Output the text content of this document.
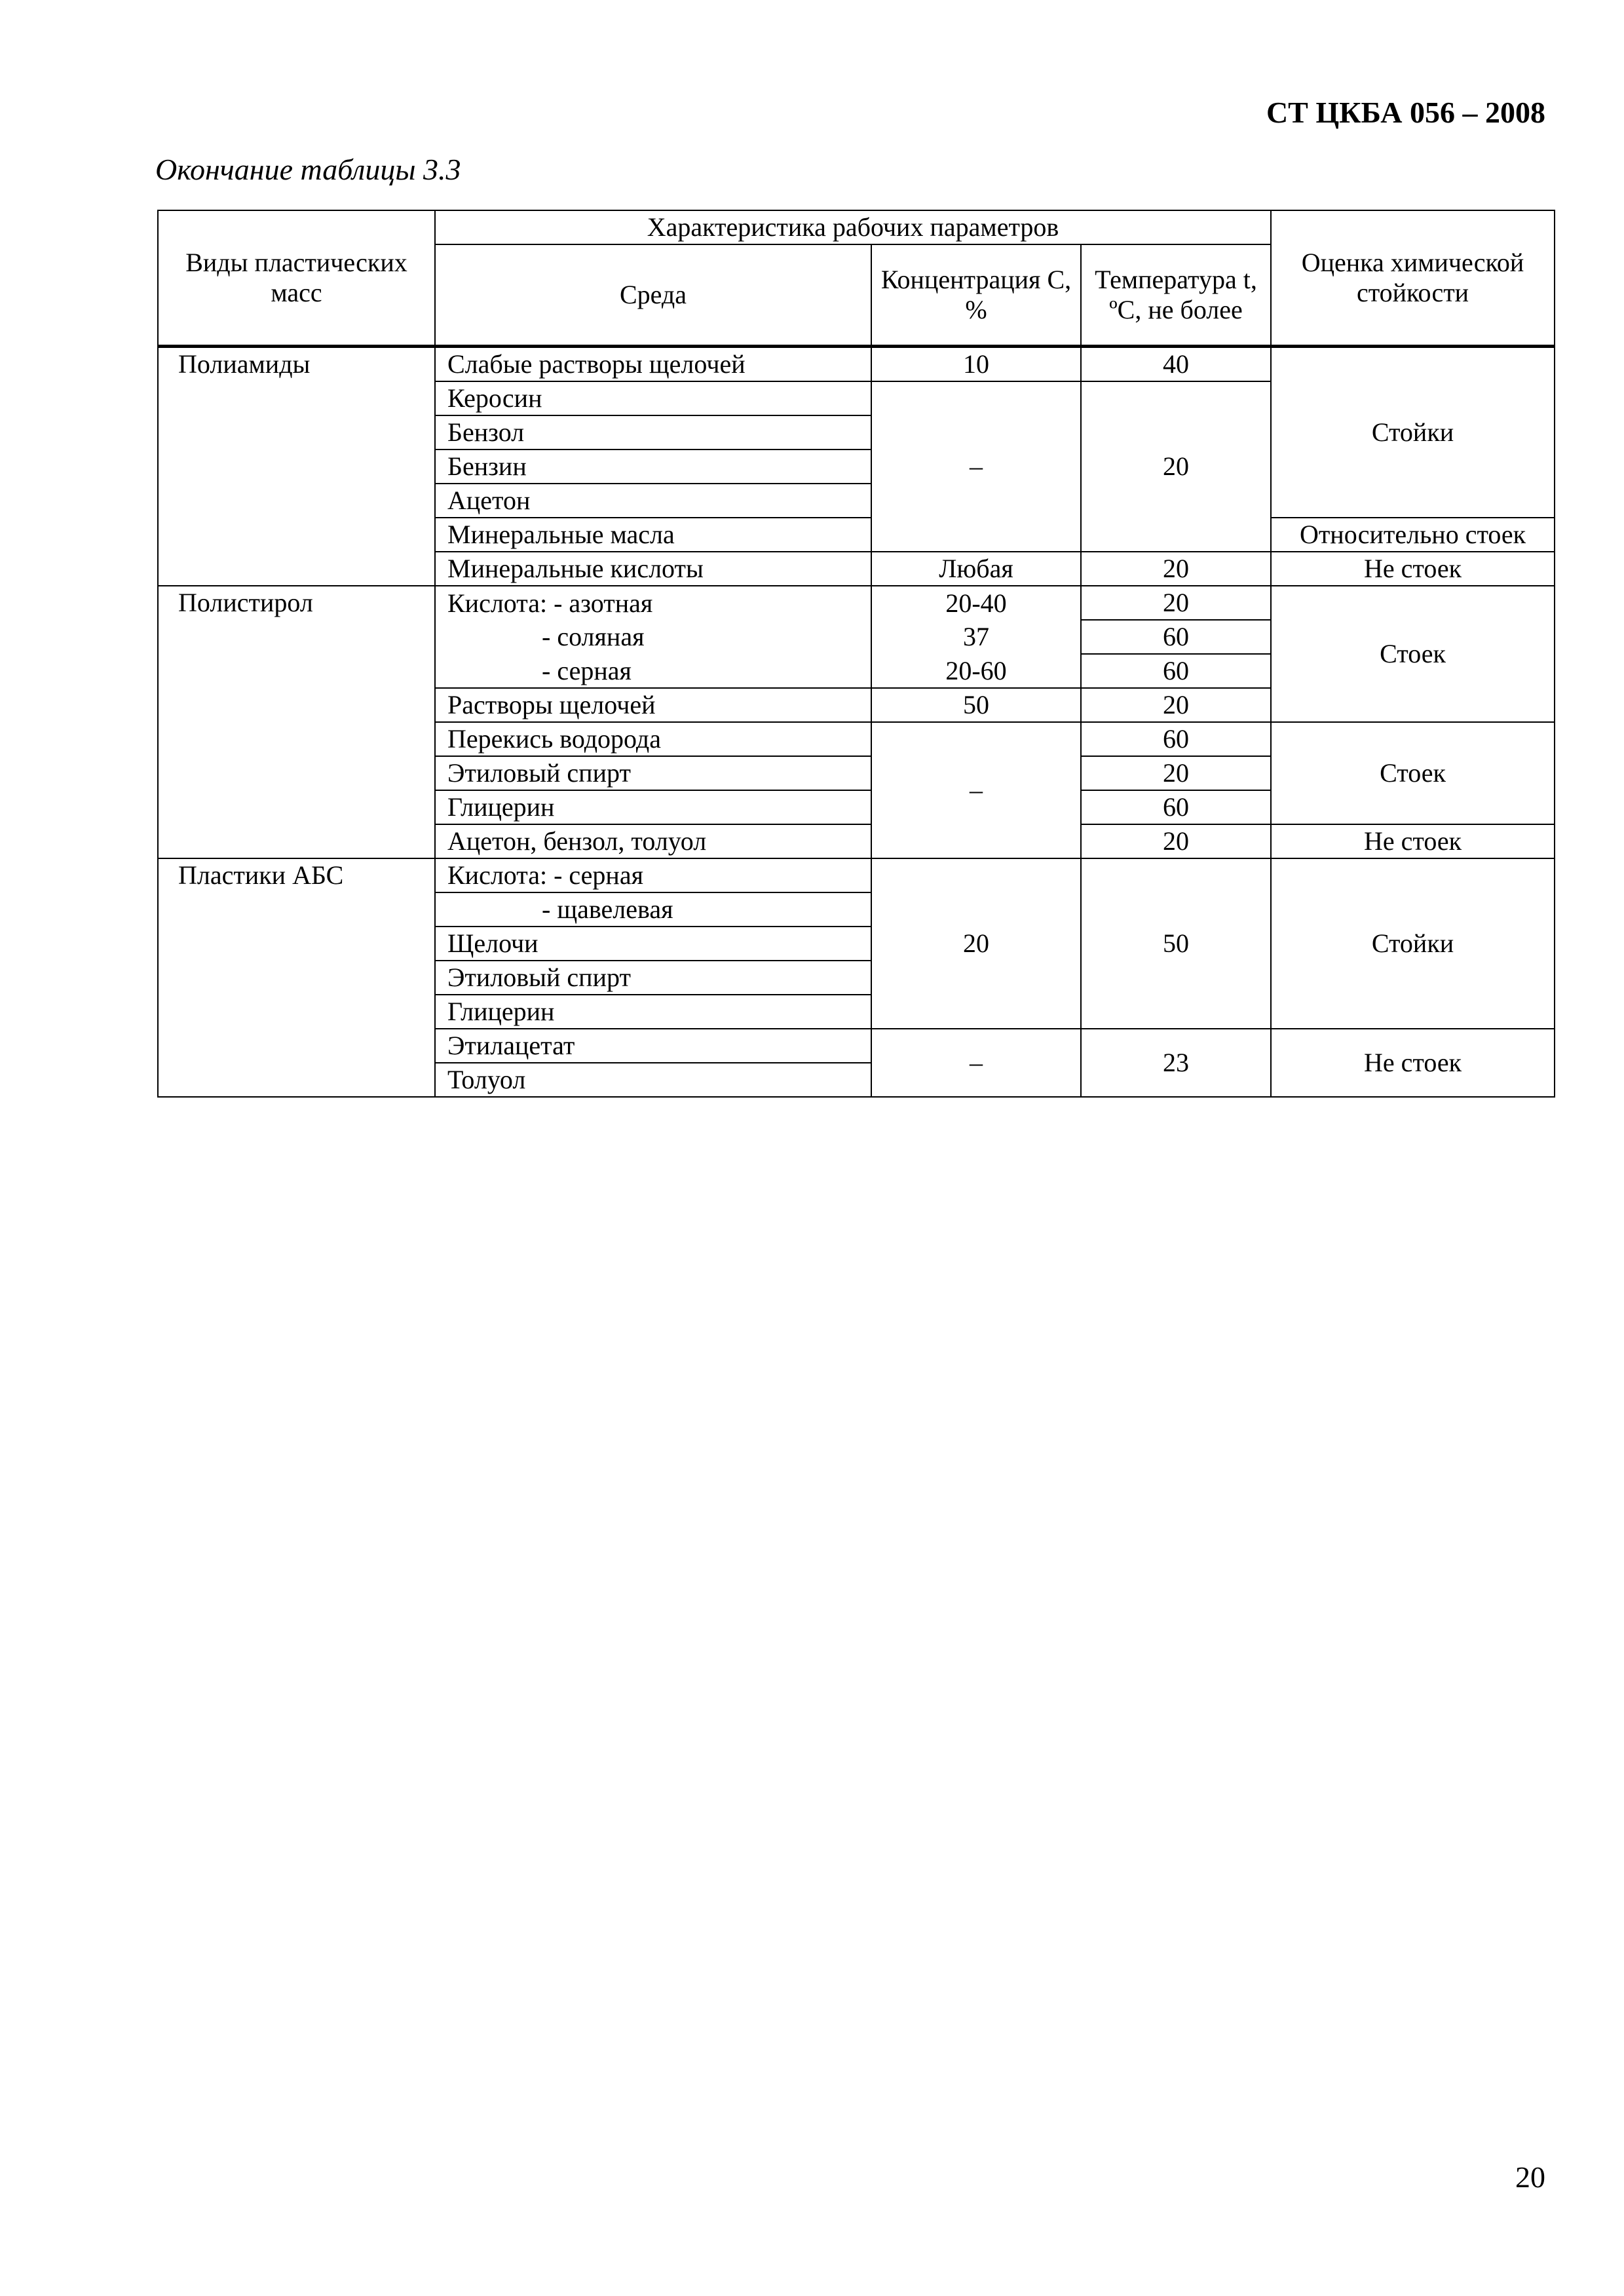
СТ ЦКБА 056 – 2008
Окончание таблицы 3.3
Виды пластических масс	Характеристика рабочих параметров			Оценка химической стойкости
	Среда	Концентрация С, %	Температура t, ºС, не более	
Полиамиды	Слабые растворы щелочей	10	40	Стойки
	Керосин	–	20	
	Бензол			
	Бензин			
	Ацетон			
	Минеральные масла			Относительно стоек
	Минеральные кислоты	Любая	20	Не стоек
Полистирол	Кислота: - азотная	20-40	20	Стоек
	- соляная	37	60	
	- серная	20-60	60	
	Растворы щелочей	50	20	
	Перекись водорода	–	60	Стоек
	Этиловый спирт		20	
	Глицерин		60	
	Ацетон, бензол, толуол		20	Не стоек
Пластики АБС	Кислота: - серная	20	50	Стойки
	- щавелевая			
	Щелочи			
	Этиловый спирт			
	Глицерин			
	Этилацетат	–	23	Не стоек
	Толуол			
20
